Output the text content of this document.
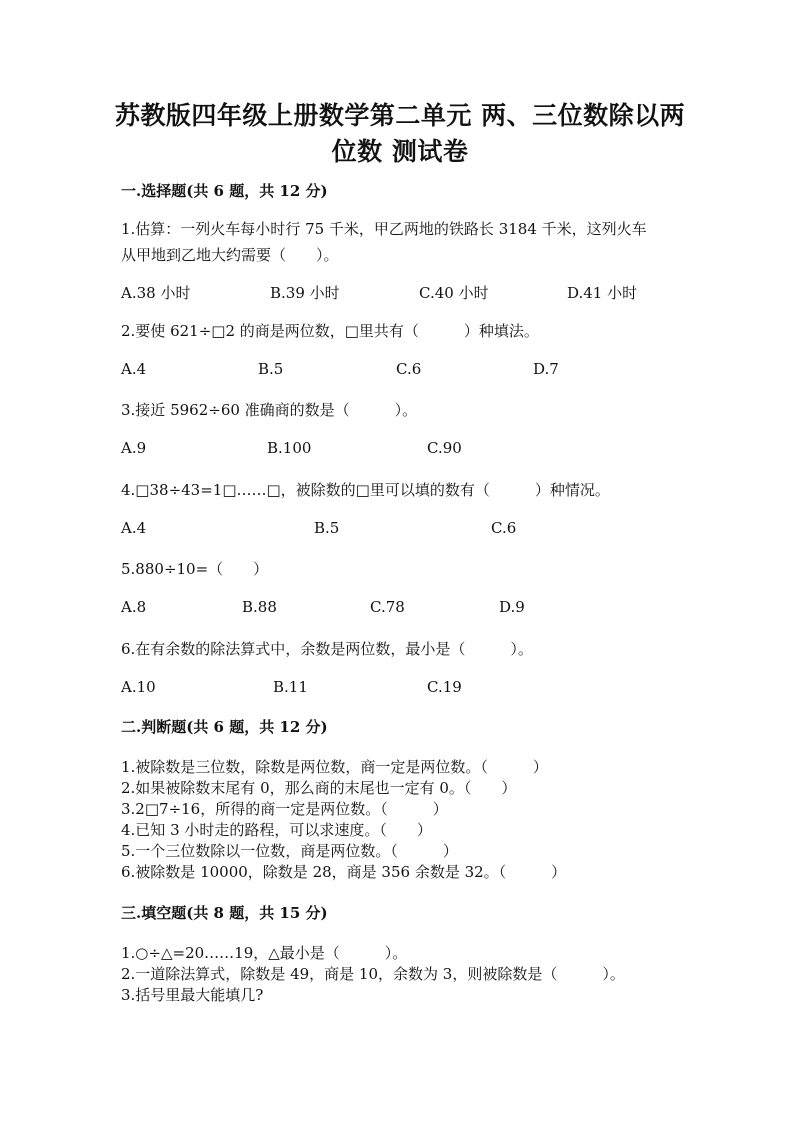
苏教版四年级上册数学第二单元 两、三位数除以两
位数 测试卷
一.选择题(共 6 题，共 12 分)
1.估算：一列火车每小时行 75 千米，甲乙两地的铁路长 3184 千米，这列火车
从甲地到乙地大约需要（　　）。
A.38 小时	B.39 小时	C.40 小时	D.41 小时
2.要使 621÷□2 的商是两位数，□里共有（　　　）种填法。
A.4	B.5	C.6	D.7
3.接近 5962÷60 准确商的数是（　　　）。
A.9	B.100	C.90
4.□38÷43=1□……□，被除数的□里可以填的数有（　　　）种情况。
A.4	B.5	C.6
5.880÷10=（　　）
A.8	B.88	C.78	D.9
6.在有余数的除法算式中，余数是两位数，最小是（　　　）。
A.10	B.11	C.19
二.判断题(共 6 题，共 12 分)
1.被除数是三位数，除数是两位数，商一定是两位数。（　　　）
2.如果被除数末尾有 0，那么商的末尾也一定有 0。（　　）
3.2□7÷16，所得的商一定是两位数。（　　　）
4.已知 3 小时走的路程，可以求速度。（　　）
5.一个三位数除以一位数，商是两位数。（　　　）
6.被除数是 10000，除数是 28，商是 356 余数是 32。（　　　）
三.填空题(共 8 题，共 15 分)
1.○÷△=20……19，△最小是（　　　）。
2.一道除法算式，除数是 49，商是 10，余数为 3，则被除数是（　　　）。
3.括号里最大能填几?
